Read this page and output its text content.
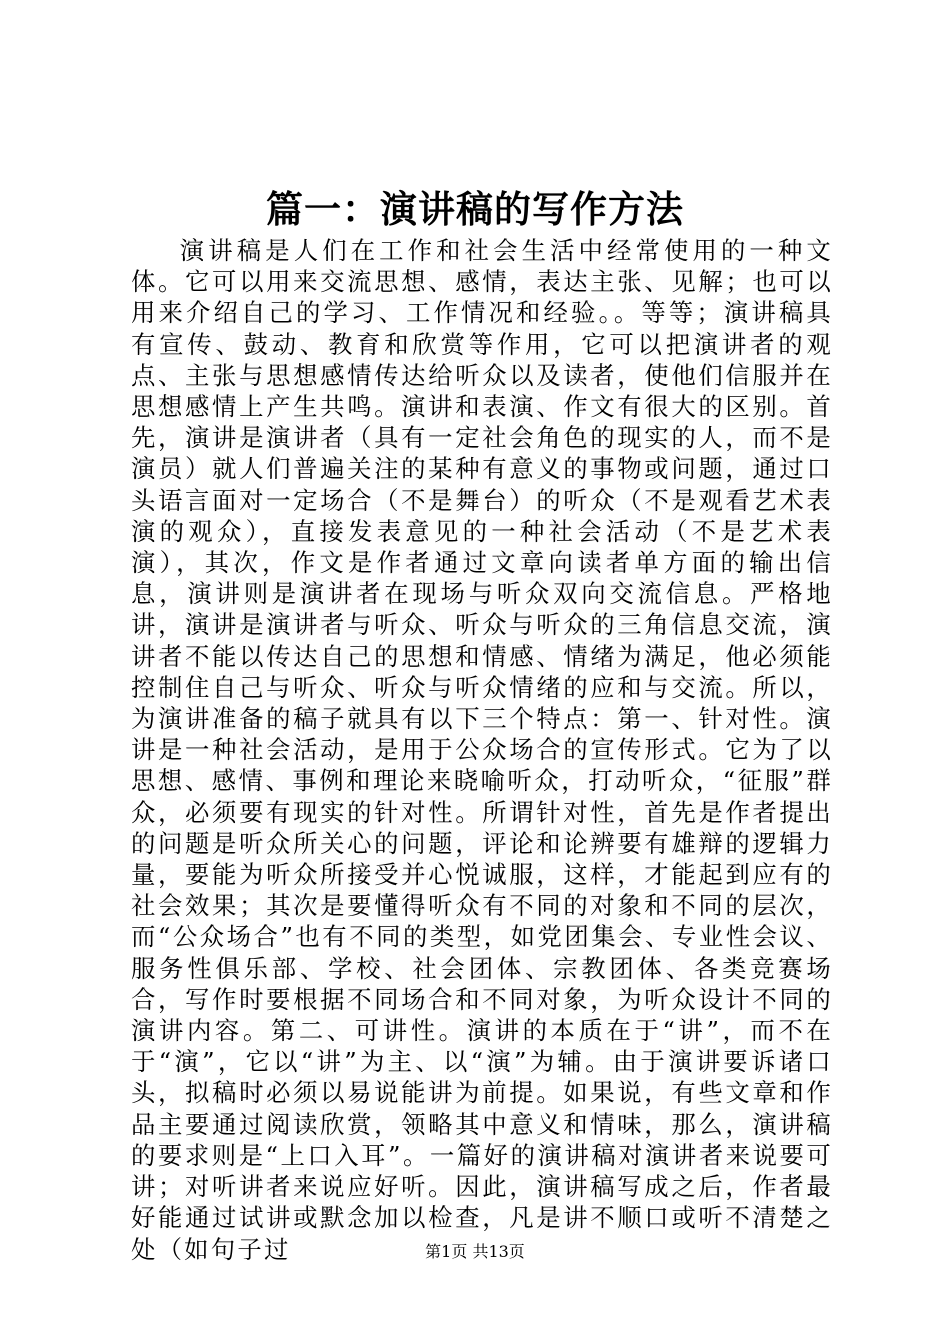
篇一：演讲稿的写作方法

演讲稿是人们在工作和社会生活中经常使用的一种文体。它可以用来交流思想、感情，表达主张、见解；也可以用来介绍自己的学习、工作情况和经验。。等等；演讲稿具有宣传、鼓动、教育和欣赏等作用，它可以把演讲者的观点、主张与思想感情传达给听众以及读者，使他们信服并在思想感情上产生共鸣。演讲和表演、作文有很大的区别。首先，演讲是演讲者（具有一定社会角色的现实的人，而不是演员）就人们普遍关注的某种有意义的事物或问题，通过口头语言面对一定场合（不是舞台）的听众（不是观看艺术表演的观众），直接发表意见的一种社会活动（不是艺术表演），其次，作文是作者通过文章向读者单方面的输出信息，演讲则是演讲者在现场与听众双向交流信息。严格地讲，演讲是演讲者与听众、听众与听众的三角信息交流，演讲者不能以传达自己的思想和情感、情绪为满足，他必须能控制住自己与听众、听众与听众情绪的应和与交流。所以，为演讲准备的稿子就具有以下三个特点：第一、针对性。演讲是一种社会活动，是用于公众场合的宣传形式。它为了以思想、感情、事例和理论来晓喻听众，打动听众，“征服”群众，必须要有现实的针对性。所谓针对性，首先是作者提出的问题是听众所关心的问题，评论和论辨要有雄辩的逻辑力量，要能为听众所接受并心悦诚服，这样，才能起到应有的社会效果；其次是要懂得听众有不同的对象和不同的层次，而“公众场合”也有不同的类型，如党团集会、专业性会议、服务性俱乐部、学校、社会团体、宗教团体、各类竞赛场合，写作时要根据不同场合和不同对象，为听众设计不同的演讲内容。第二、可讲性。演讲的本质在于“讲”，而不在于“演”，它以“讲”为主、以“演”为辅。由于演讲要诉诸口头，拟稿时必须以易说能讲为前提。如果说，有些文章和作品主要通过阅读欣赏，领略其中意义和情味，那么，演讲稿的要求则是“上口入耳”。一篇好的演讲稿对演讲者来说要可讲；对听讲者来说应好听。因此，演讲稿写成之后，作者最好能通过试讲或默念加以检查，凡是讲不顺口或听不清楚之处（如句子过	第1页 共13页
